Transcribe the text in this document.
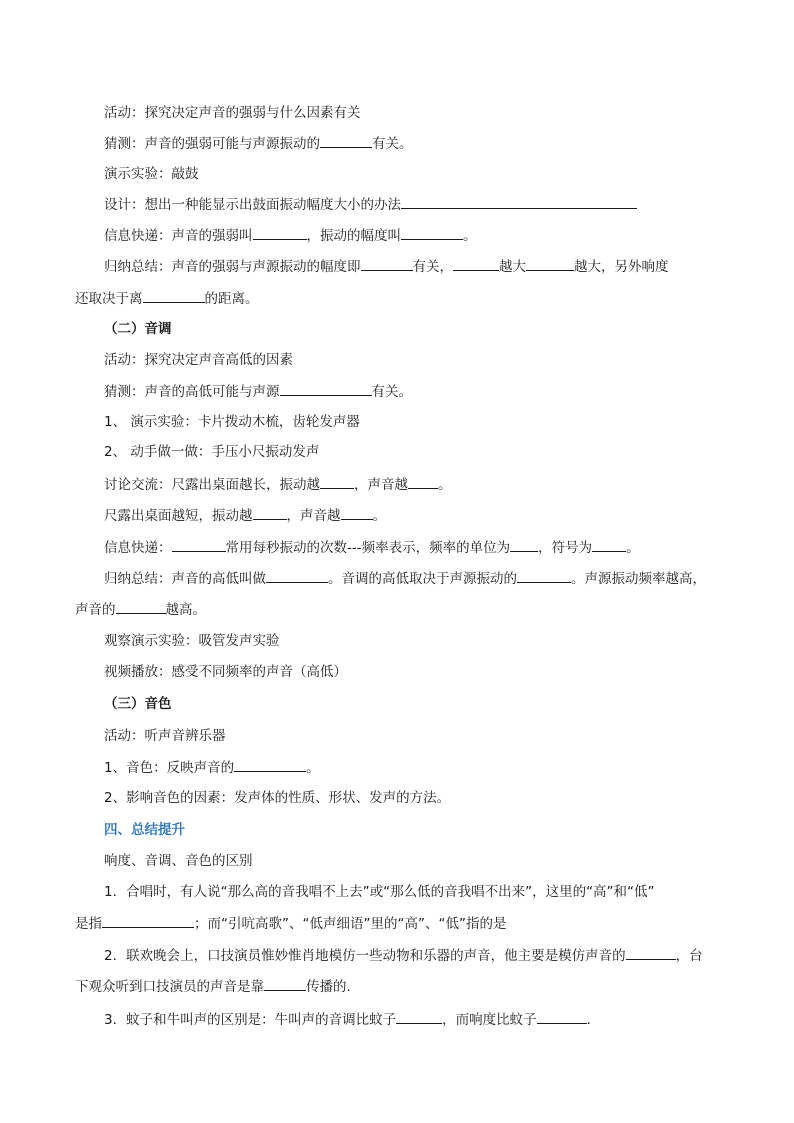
活动：探究决定声音的强弱与什么因素有关
猜测：声音的强弱可能与声源振动的	有关。
演示实验：敲鼓
设计：想出一种能显示出鼓面振动幅度大小的办法
信息快递：声音的强弱叫	，振动的幅度叫	。
归纳总结：声音的强弱与声源振动的幅度即	有关，	越大	越大，另外响度
还取决于离	的距离。
（二）音调
活动：探究决定声音高低的因素
猜测：声音的高低可能与声源	有关。
1、 演示实验：卡片拨动木梳，齿轮发声器
2、 动手做一做：手压小尺振动发声
讨论交流：尺露出桌面越长，振动越	，声音越 。
尺露出桌面越短，振动越	，声音越 。
信息快递：	常用每秒振动的次数---频率表示，频率的单位为 ，符号为	。
归纳总结：声音的高低叫做	。音调的高低取决于声源振动的	。声源振动频率越高，
声音的	越高。
观察演示实验：吸管发声实验
视频播放：感受不同频率的声音（高低）
（三）音色
活动：听声音辨乐器
1、音色：反映声音的	。
2、影响音色的因素：发声体的性质、形状、发声的方法。
四、总结提升
响度、音调、音色的区别
1．合唱时，有人说“那么高的音我唱不上去”或“那么低的音我唱不出来”，这里的“高”和“低”
是指	；而“引吭高歌”、“低声细语”里的“高”、“低”指的是
2．联欢晚会上，口技演员惟妙惟肖地模仿一些动物和乐器的声音，他主要是模仿声音的	，台
下观众听到口技演员的声音是靠	传播的．
3．蚊子和牛叫声的区别是：牛叫声的音调比蚊子	，而响度比蚊子	．
